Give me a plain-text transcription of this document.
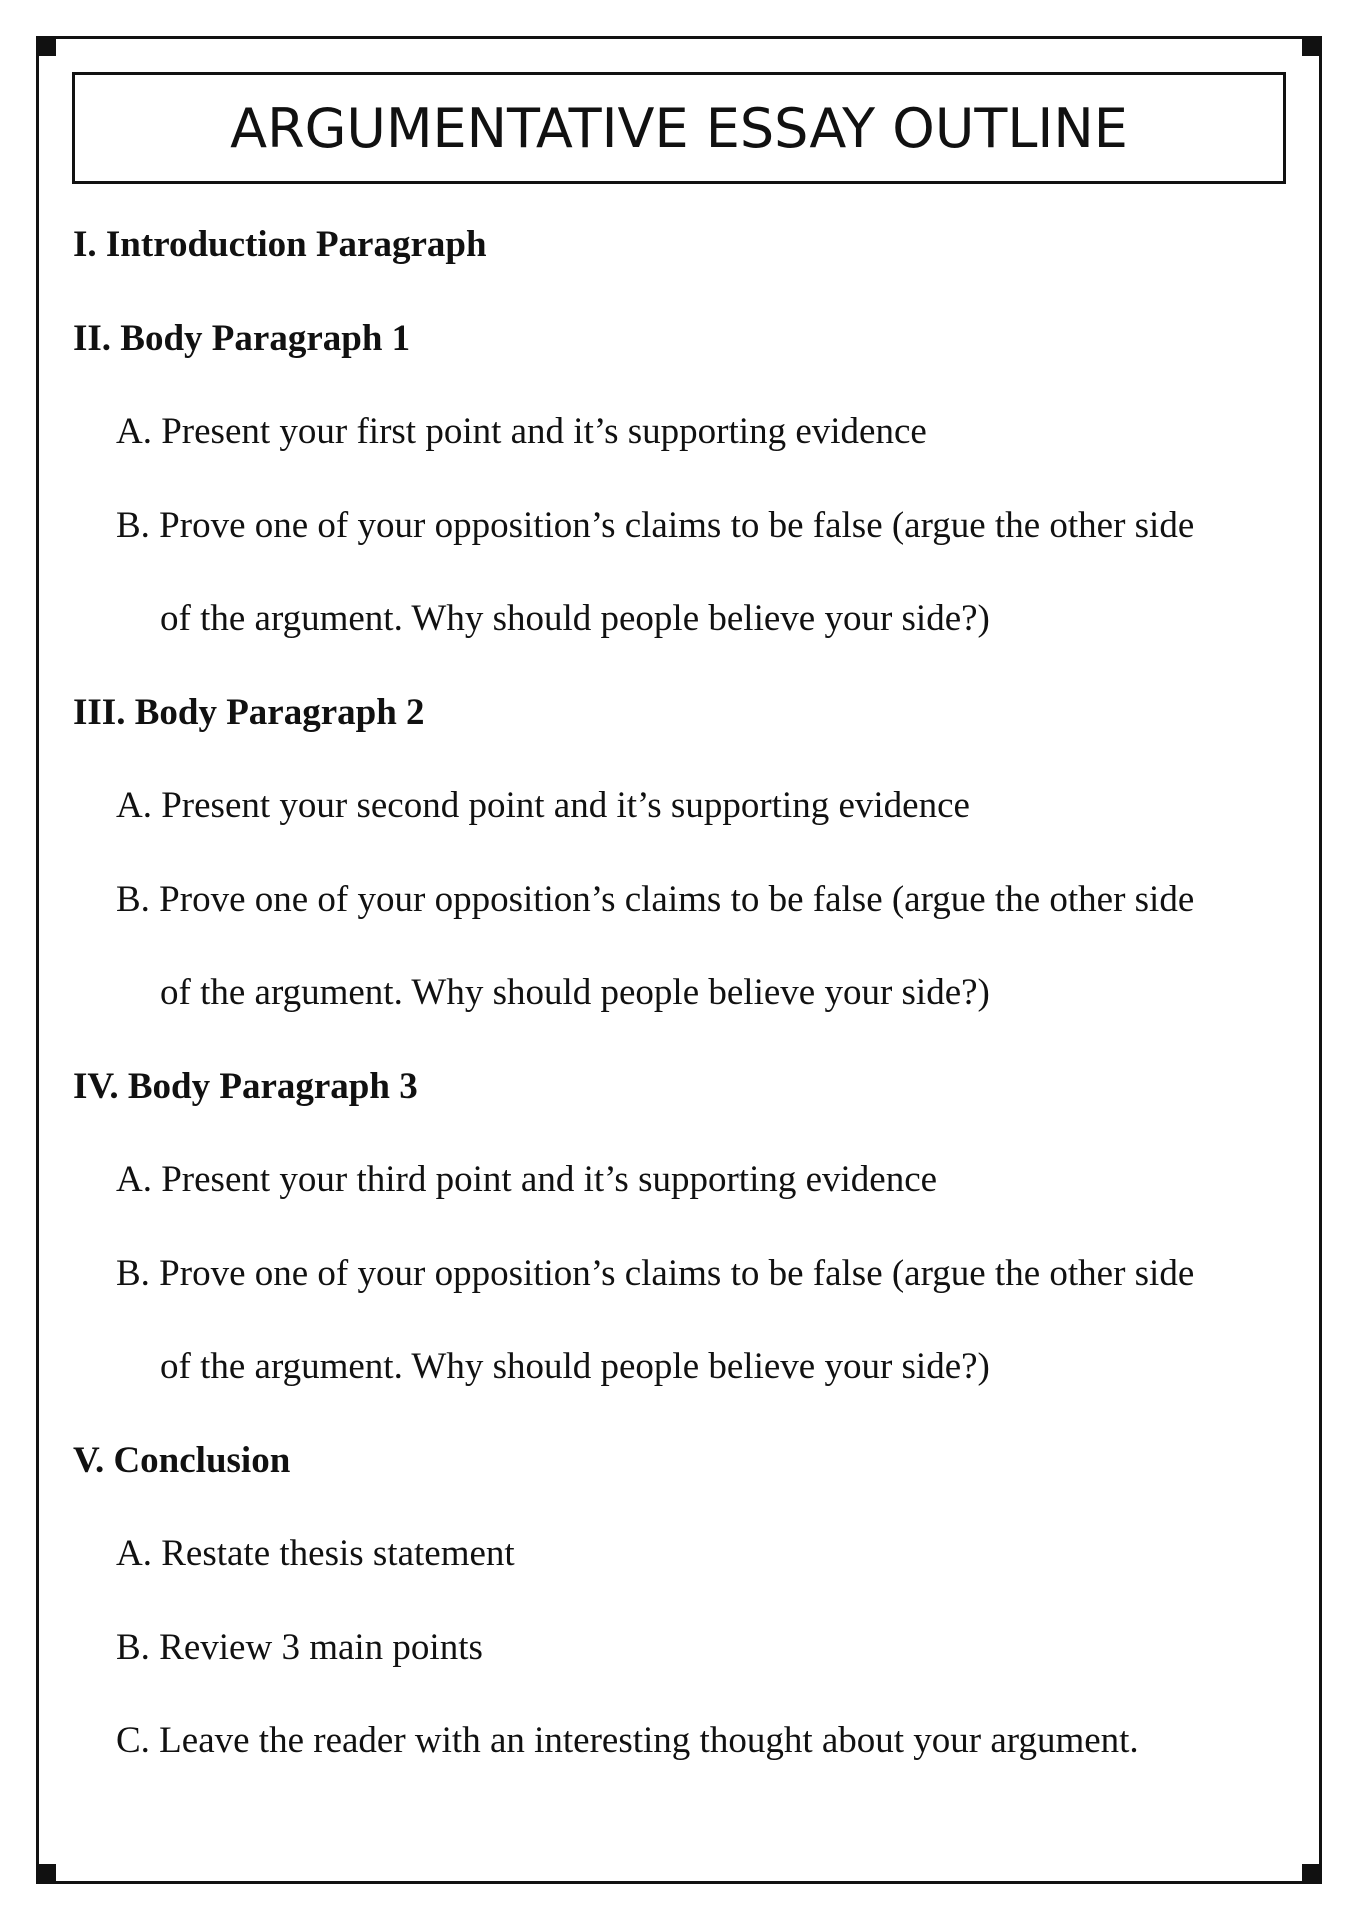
ARGUMENTATIVE ESSAY OUTLINE
I. Introduction Paragraph
II. Body Paragraph 1
A. Present your first point and it’s supporting evidence
B. Prove one of your opposition’s claims to be false (argue the other side
of the argument. Why should people believe your side?)
III. Body Paragraph 2
A. Present your second point and it’s supporting evidence
B. Prove one of your opposition’s claims to be false (argue the other side
of the argument. Why should people believe your side?)
IV. Body Paragraph 3
A. Present your third point and it’s supporting evidence
B. Prove one of your opposition’s claims to be false (argue the other side
of the argument. Why should people believe your side?)
V. Conclusion
A. Restate thesis statement
B. Review 3 main points
C. Leave the reader with an interesting thought about your argument.
